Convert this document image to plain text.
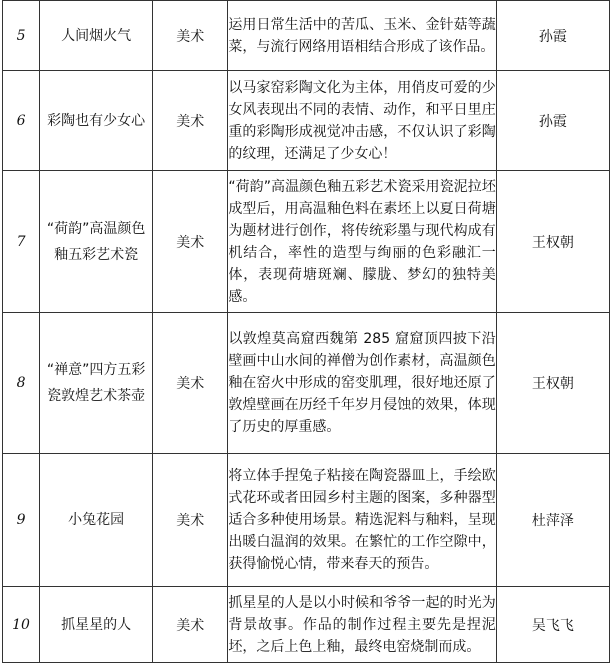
5	人间烟火气	美术	运用日常生活中的苦瓜、玉米、金针菇等蔬菜，与流行网络用语相结合形成了该作品。	孙霞
6	彩陶也有少女心	美术	以马家窑彩陶文化为主体，用俏皮可爱的少女风表现出不同的表情、动作，和平日里庄重的彩陶形成视觉冲击感，不仅认识了彩陶的纹理，还满足了少女心！	孙霞
7	“荷韵”高温颜色釉五彩艺术瓷	美术	“荷韵”高温颜色釉五彩艺术瓷采用瓷泥拉坯成型后，用高温釉色料在素坯上以夏日荷塘为题材进行创作，将传统彩墨与现代构成有机结合，率性的造型与绚丽的色彩融汇一体，表现荷塘斑斓、朦胧、梦幻的独特美感。	王权朝
8	“禅意”四方五彩瓷敦煌艺术茶壶	美术	以敦煌莫高窟西魏第 285 窟窟顶四披下沿壁画中山水间的禅僧为创作素材，高温颜色釉在窑火中形成的窑变肌理，很好地还原了敦煌壁画在历经千年岁月侵蚀的效果，体现了历史的厚重感。	王权朝
9	小兔花园	美术	将立体手捏兔子粘接在陶瓷器皿上，手绘欧式花环或者田园乡村主题的图案，多种器型适合多种使用场景。精选泥料与釉料，呈现出暖白温润的效果。在繁忙的工作空隙中，获得愉悦心情，带来春天的预告。	杜萍泽
10	抓星星的人	美术	抓星星的人是以小时候和爷爷一起的时光为背景故事。作品的制作过程主要先是捏泥坯，之后上色上釉，最终电窑烧制而成。	吴飞飞
